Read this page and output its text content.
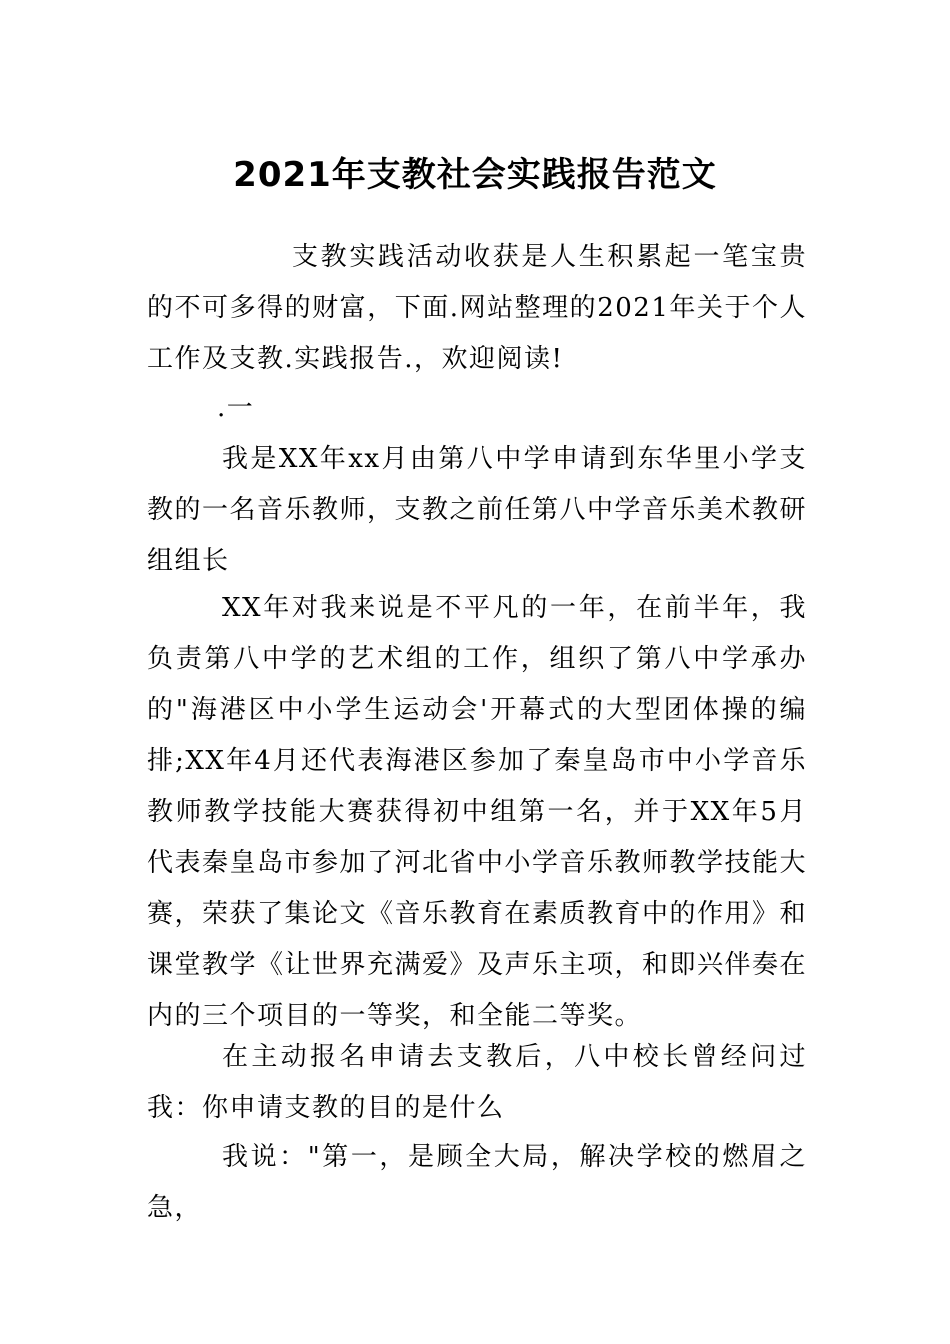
2021年支教社会实践报告范文

支教实践活动收获是人生积累起一笔宝贵的不可多得的财富，下面.网站整理的2021年关于个人工作及支教.实践报告.，欢迎阅读!

.一

我是XX年xx月由第八中学申请到东华里小学支教的一名音乐教师，支教之前任第八中学音乐美术教研组组长

XX年对我来说是不平凡的一年，在前半年，我负责第八中学的艺术组的工作，组织了第八中学承办的"海港区中小学生运动会'开幕式的大型团体操的编排;XX年4月还代表海港区参加了秦皇岛市中小学音乐教师教学技能大赛获得初中组第一名，并于XX年5月代表秦皇岛市参加了河北省中小学音乐教师教学技能大赛，荣获了集论文《音乐教育在素质教育中的作用》和课堂教学《让世界充满爱》及声乐主项，和即兴伴奏在内的三个项目的一等奖，和全能二等奖。

在主动报名申请去支教后，八中校长曾经问过我：你申请支教的目的是什么

我说："第一，是顾全大局，解决学校的燃眉之急，
